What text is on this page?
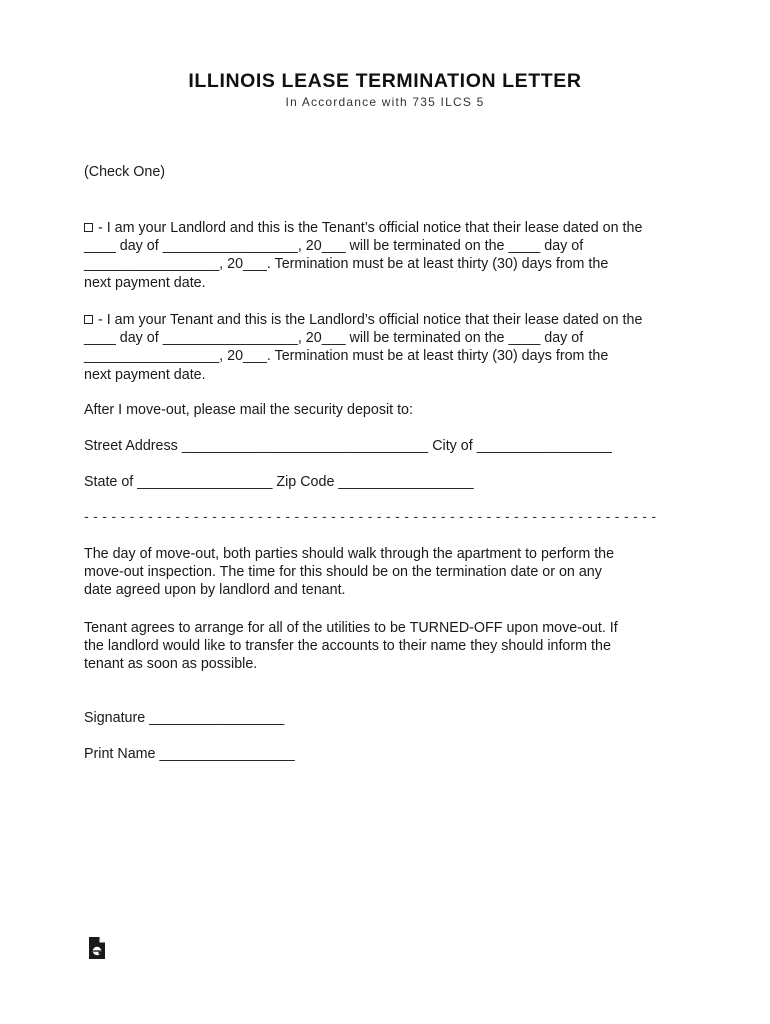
ILLINOIS LEASE TERMINATION LETTER
In Accordance with 735 ILCS 5
(Check One)
- I am your Landlord and this is the Tenant’s official notice that their lease dated on the
____ day of _________________, 20___ will be terminated on the ____ day of
_________________, 20___. Termination must be at least thirty (30) days from the
next payment date.
- I am your Tenant and this is the Landlord’s official notice that their lease dated on the
____ day of _________________, 20___ will be terminated on the ____ day of
_________________, 20___. Termination must be at least thirty (30) days from the
next payment date.
After I move-out, please mail the security deposit to:
Street Address _______________________________ City of _________________
State of _________________ Zip Code _________________
- - - - - - - - - - - - - - - - - - - - - - - - - - - - - - - - - - - - - - - - - - - - - - - - - - - - - - - - - - - - - - -
The day of move-out, both parties should walk through the apartment to perform the
move-out inspection. The time for this should be on the termination date or on any
date agreed upon by landlord and tenant.
Tenant agrees to arrange for all of the utilities to be TURNED-OFF upon move-out. If
the landlord would like to transfer the accounts to their name they should inform the
tenant as soon as possible.
Signature _________________
Print Name _________________
